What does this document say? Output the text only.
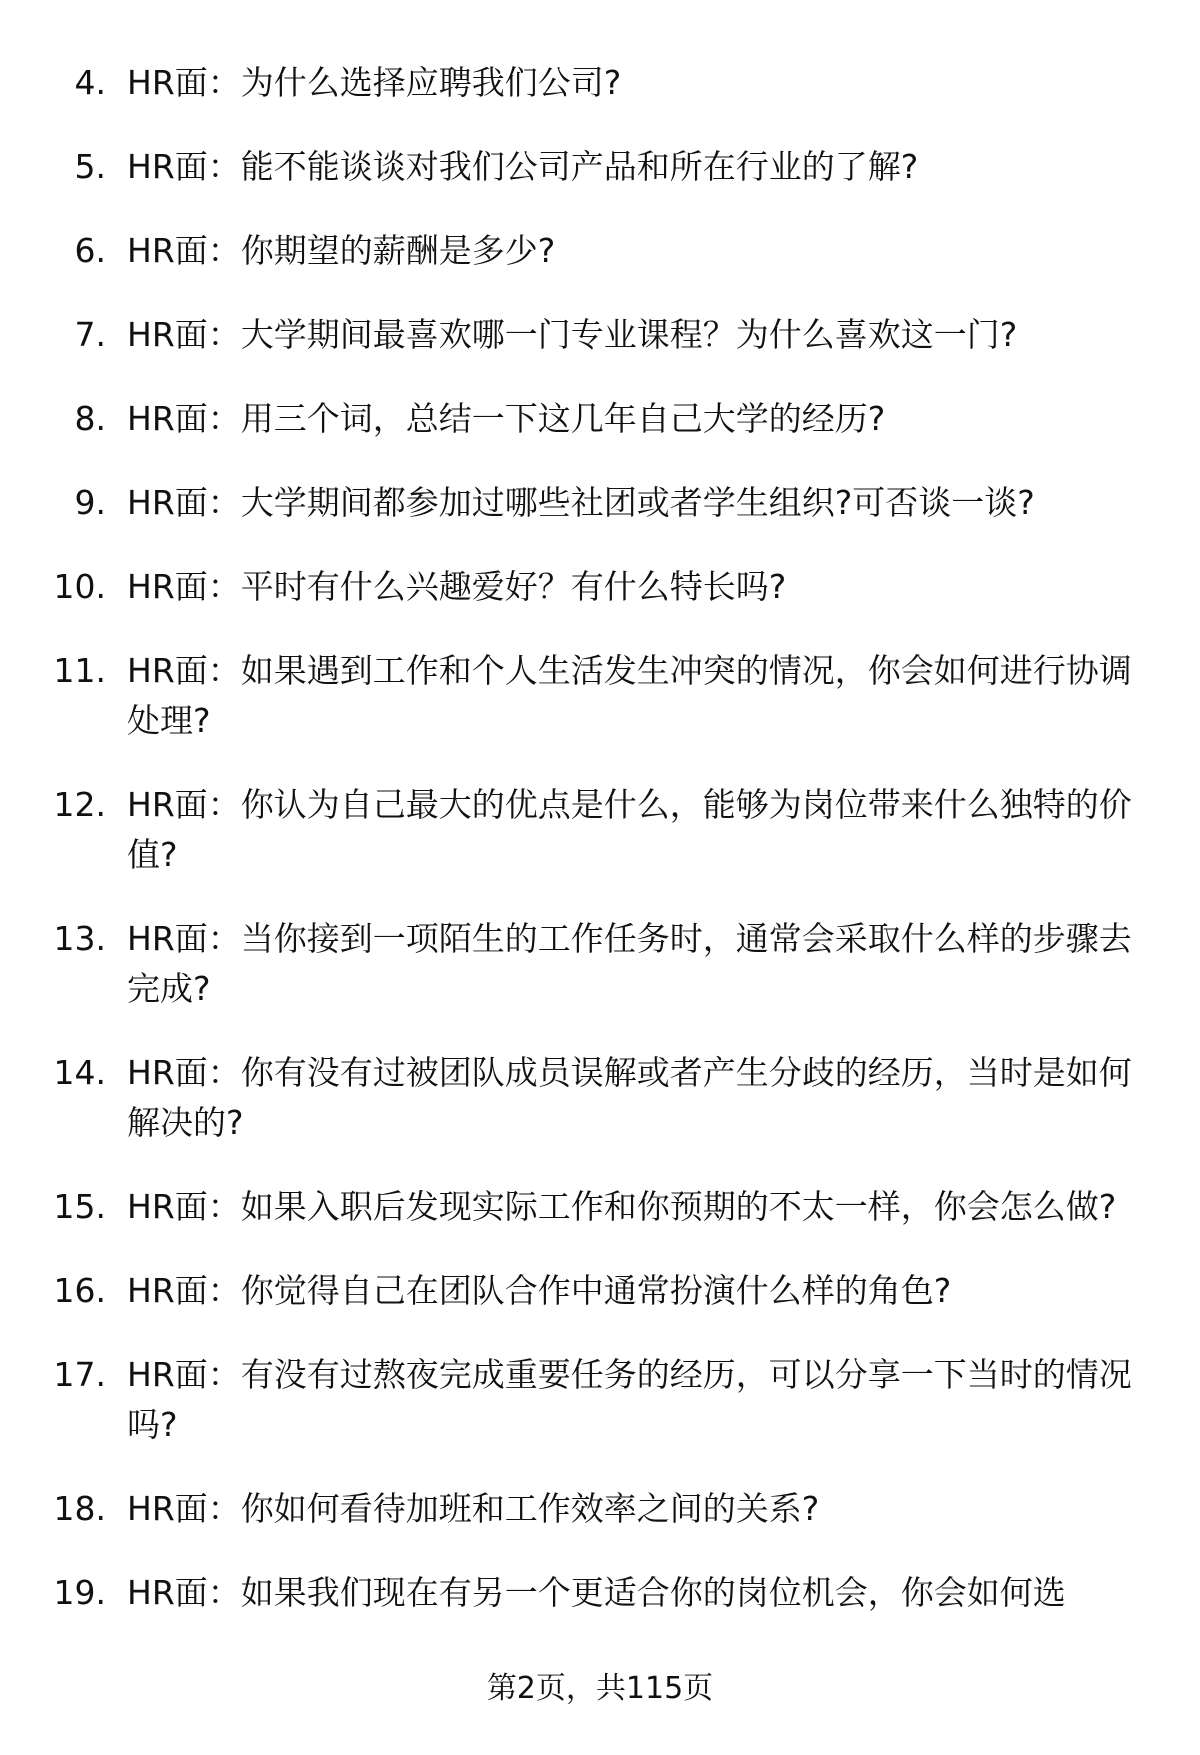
4. HR面：为什么选择应聘我们公司?
5. HR面：能不能谈谈对我们公司产品和所在行业的了解?
6. HR面：你期望的薪酬是多少?
7. HR面：大学期间最喜欢哪一门专业课程？为什么喜欢这一门?
8. HR面：用三个词，总结一下这几年自己大学的经历?
9. HR面：大学期间都参加过哪些社团或者学生组织?可否谈一谈?
10. HR面：平时有什么兴趣爱好？有什么特长吗?
11. HR面：如果遇到工作和个人生活发生冲突的情况，你会如何进行协调处理?
12. HR面：你认为自己最大的优点是什么，能够为岗位带来什么独特的价值?
13. HR面：当你接到一项陌生的工作任务时，通常会采取什么样的步骤去完成?
14. HR面：你有没有过被团队成员误解或者产生分歧的经历，当时是如何解决的?
15. HR面：如果入职后发现实际工作和你预期的不太一样，你会怎么做?
16. HR面：你觉得自己在团队合作中通常扮演什么样的角色?
17. HR面：有没有过熬夜完成重要任务的经历，可以分享一下当时的情况吗?
18. HR面：你如何看待加班和工作效率之间的关系?
19. HR面：如果我们现在有另一个更适合你的岗位机会，你会如何选
第2页，共115页
